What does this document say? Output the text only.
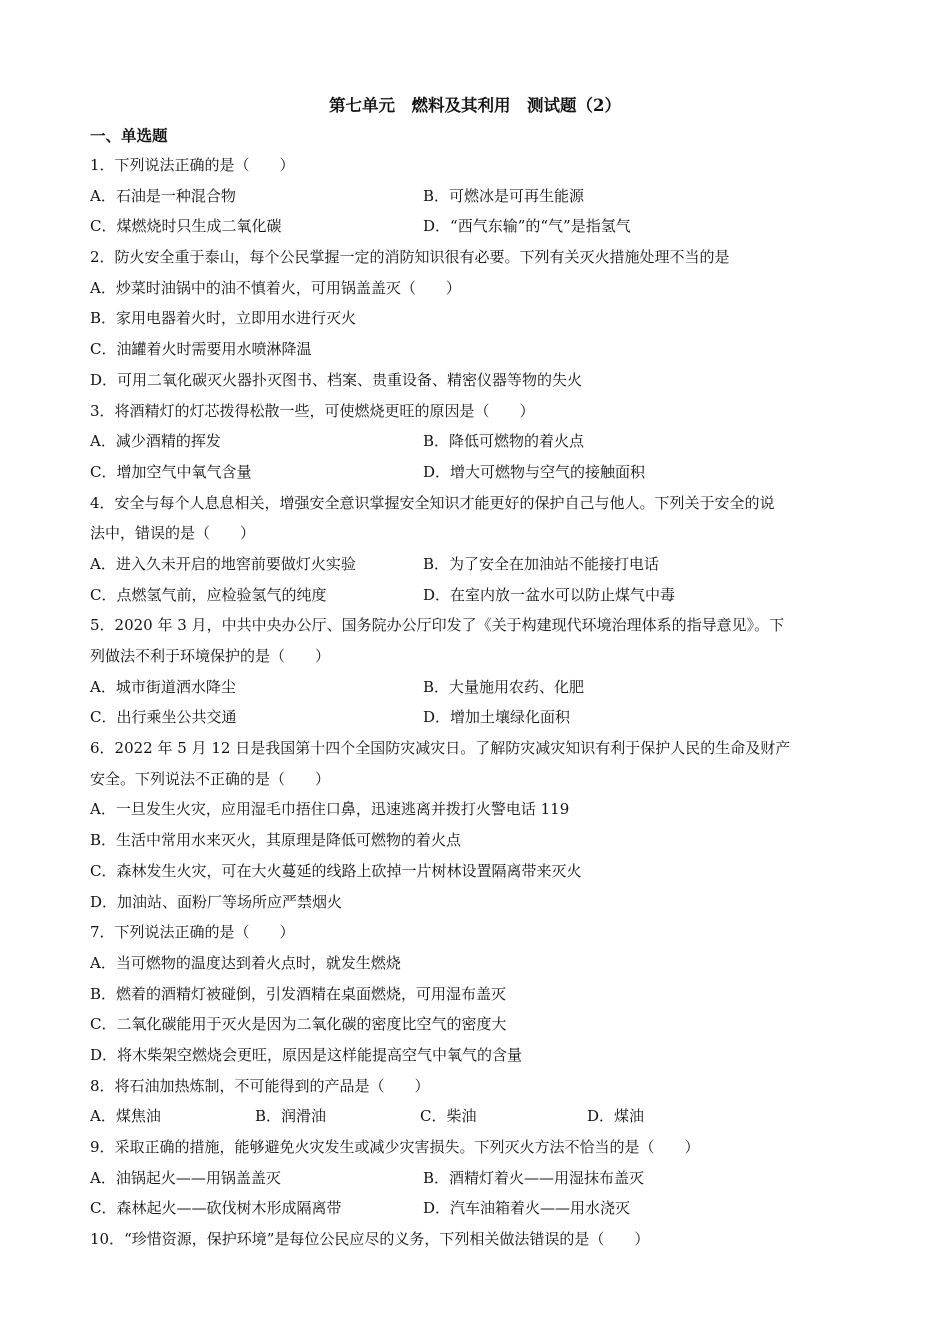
第七单元　燃料及其利用　测试题（2）
一、单选题
1．下列说法正确的是（　　）
A．石油是一种混合物	B．可燃冰是可再生能源
C．煤燃烧时只生成二氧化碳	D．“西气东输”的“气”是指氢气
2．防火安全重于泰山，每个公民掌握一定的消防知识很有必要。下列有关灭火措施处理不当的是
A．炒菜时油锅中的油不慎着火，可用锅盖盖灭（　　）
B．家用电器着火时，立即用水进行灭火
C．油罐着火时需要用水喷淋降温
D．可用二氧化碳灭火器扑灭图书、档案、贵重设备、精密仪器等物的失火
3．将酒精灯的灯芯拨得松散一些，可使燃烧更旺的原因是（　　）
A．减少酒精的挥发	B．降低可燃物的着火点
C．增加空气中氧气含量	D．增大可燃物与空气的接触面积
4．安全与每个人息息相关，增强安全意识掌握安全知识才能更好的保护自己与他人。下列关于安全的说
法中，错误的是（　　）
A．进入久未开启的地窖前要做灯火实验	B．为了安全在加油站不能接打电话
C．点燃氢气前，应检验氢气的纯度	D．在室内放一盆水可以防止煤气中毒
5．2020 年 3 月，中共中央办公厅、国务院办公厅印发了《关于构建现代环境治理体系的指导意见》。下
列做法不利于环境保护的是（　　）
A．城市街道洒水降尘	B．大量施用农药、化肥
C．出行乘坐公共交通	D．增加土壤绿化面积
6．2022 年 5 月 12 日是我国第十四个全国防灾减灾日。了解防灾减灾知识有利于保护人民的生命及财产
安全。下列说法不正确的是（　　）
A．一旦发生火灾，应用湿毛巾捂住口鼻，迅速逃离并拨打火警电话 119
B．生活中常用水来灭火，其原理是降低可燃物的着火点
C．森林发生火灾，可在大火蔓延的线路上砍掉一片树林设置隔离带来灭火
D．加油站、面粉厂等场所应严禁烟火
7．下列说法正确的是（　　）
A．当可燃物的温度达到着火点时，就发生燃烧
B．燃着的酒精灯被碰倒，引发酒精在桌面燃烧，可用湿布盖灭
C．二氧化碳能用于灭火是因为二氧化碳的密度比空气的密度大
D．将木柴架空燃烧会更旺，原因是这样能提高空气中氧气的含量
8．将石油加热炼制，不可能得到的产品是（　　）
A．煤焦油	B．润滑油	C．柴油	D．煤油
9．采取正确的措施，能够避免火灾发生或减少灾害损失。下列灭火方法不恰当的是（　　）
A．油锅起火——用锅盖盖灭	B．酒精灯着火——用湿抹布盖灭
C．森林起火——砍伐树木形成隔离带	D．汽车油箱着火——用水浇灭
10．“珍惜资源，保护环境”是每位公民应尽的义务，下列相关做法错误的是（　　）
